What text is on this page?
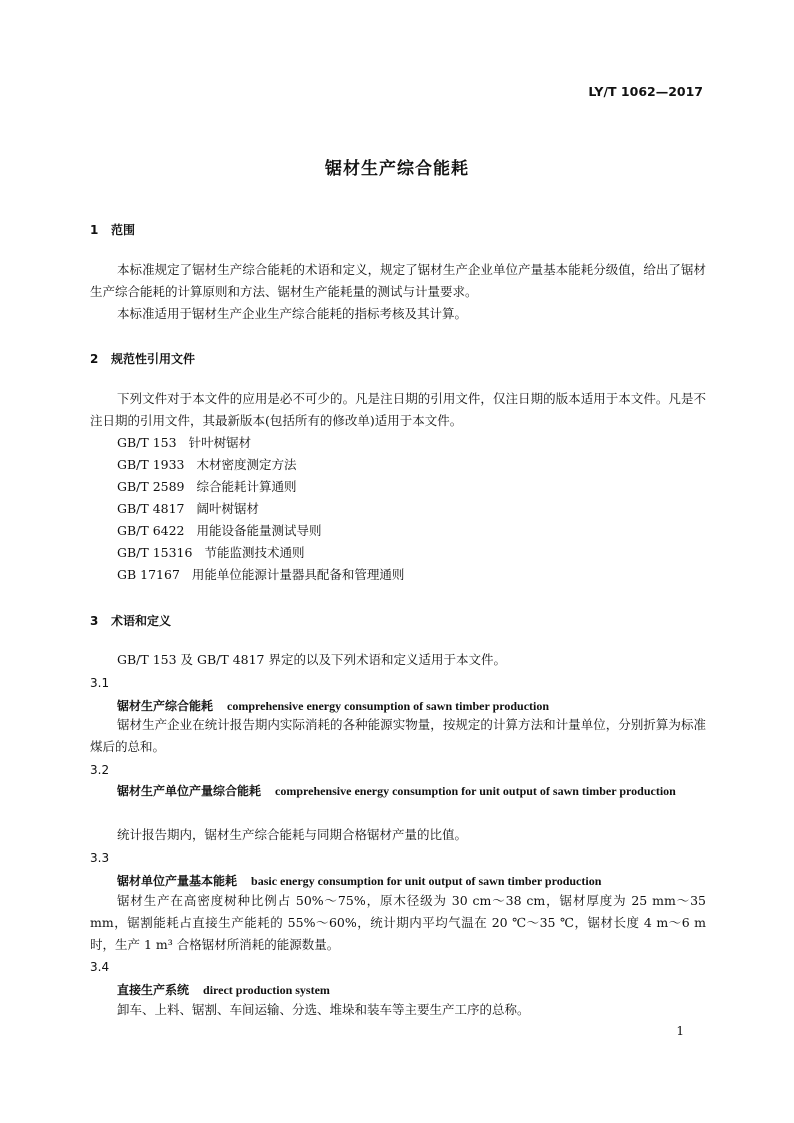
LY/T 1062—2017
锯材生产综合能耗
1 范围
本标准规定了锯材生产综合能耗的术语和定义，规定了锯材生产企业单位产量基本能耗分级值，给出了锯材生产综合能耗的计算原则和方法、锯材生产能耗量的测试与计量要求。
本标准适用于锯材生产企业生产综合能耗的指标考核及其计算。
2 规范性引用文件
下列文件对于本文件的应用是必不可少的。凡是注日期的引用文件，仅注日期的版本适用于本文件。凡是不注日期的引用文件，其最新版本(包括所有的修改单)适用于本文件。
GB/T 153 针叶树锯材
GB/T 1933 木材密度测定方法
GB/T 2589 综合能耗计算通则
GB/T 4817 阔叶树锯材
GB/T 6422 用能设备能量测试导则
GB/T 15316 节能监测技术通则
GB 17167 用能单位能源计量器具配备和管理通则
3 术语和定义
GB/T 153 及 GB/T 4817 界定的以及下列术语和定义适用于本文件。
3.1
锯材生产综合能耗 comprehensive energy consumption of sawn timber production
锯材生产企业在统计报告期内实际消耗的各种能源实物量，按规定的计算方法和计量单位，分别折算为标准煤后的总和。
3.2
锯材生产单位产量综合能耗 comprehensive energy consumption for unit output of sawn timber production
统计报告期内，锯材生产综合能耗与同期合格锯材产量的比值。
3.3
锯材单位产量基本能耗 basic energy consumption for unit output of sawn timber production
锯材生产在高密度树种比例占 50%～75%，原木径级为 30 cm～38 cm，锯材厚度为 25 mm～35 mm，锯割能耗占直接生产能耗的 55%～60%，统计期内平均气温在 20 ℃～35 ℃，锯材长度 4 m～6 m 时，生产 1 m³ 合格锯材所消耗的能源数量。
3.4
直接生产系统 direct production system
卸车、上料、锯割、车间运输、分选、堆垛和装车等主要生产工序的总称。
1
